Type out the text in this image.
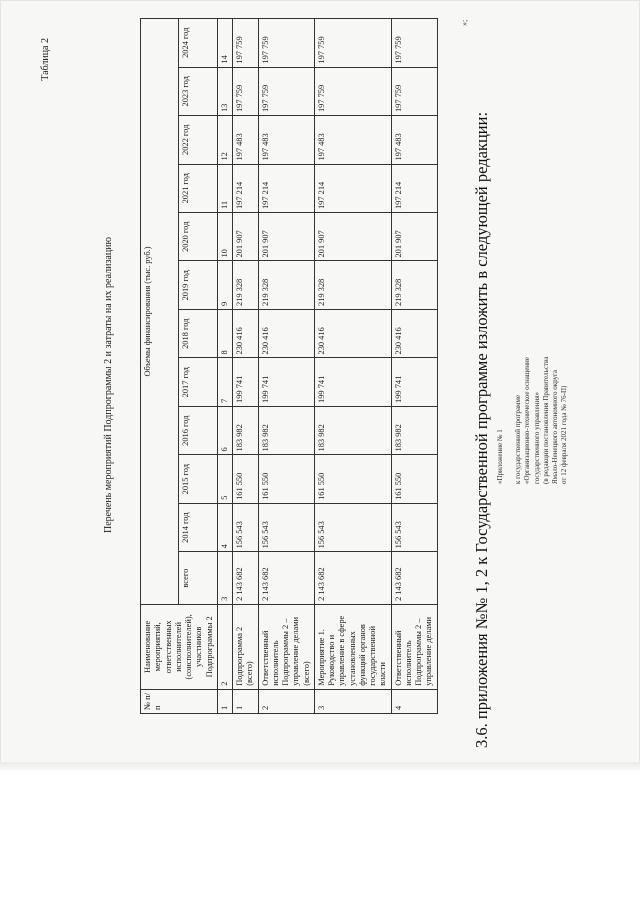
Таблица 2
Перечень мероприятий Подпрограммы 2 и затраты на их реализацию
№ п/п	Наименование мероприятий, ответственных исполнителей (соисполнителей), участников Подпрограммы 2	Объемы финансирования (тыс. руб.)											
		всего	2014 год	2015 год	2016 год	2017 год	2018 год	2019 год	2020 год	2021 год	2022 год	2023 год	2024 год
1	2	3	4	5	6	7	8	9	10	11	12	13	14
1	Подпрограмма 2 (всего)	2 143 682	156 543	161 550	183 982	199 741	230 416	219 328	201 907	197 214	197 483	197 759	197 759
2	Ответственный исполнитель Подпрограммы 2 – управление делами (всего)	2 143 682	156 543	161 550	183 982	199 741	230 416	219 328	201 907	197 214	197 483	197 759	197 759
3	Мероприятие 1. Руководство и управление в сфере установленных функций органов государственной власти	2 143 682	156 543	161 550	183 982	199 741	230 416	219 328	201 907	197 214	197 483	197 759	197 759
4	Ответственный исполнитель Подпрограммы 2 – управление делами	2 143 682	156 543	161 550	183 982	199 741	230 416	219 328	201 907	197 214	197 483	197 759	197 759
3.6. приложения №№ 1, 2 к Государственной программе изложить в следующей редакции: «Приложение № 1 к государственной программе «Организационно-техническое оснащение государственного управления» (в редакции постановления Правительства Ямало-Ненецкого автономного округа от 12 февраля 2021 года № 76-П)
»;
